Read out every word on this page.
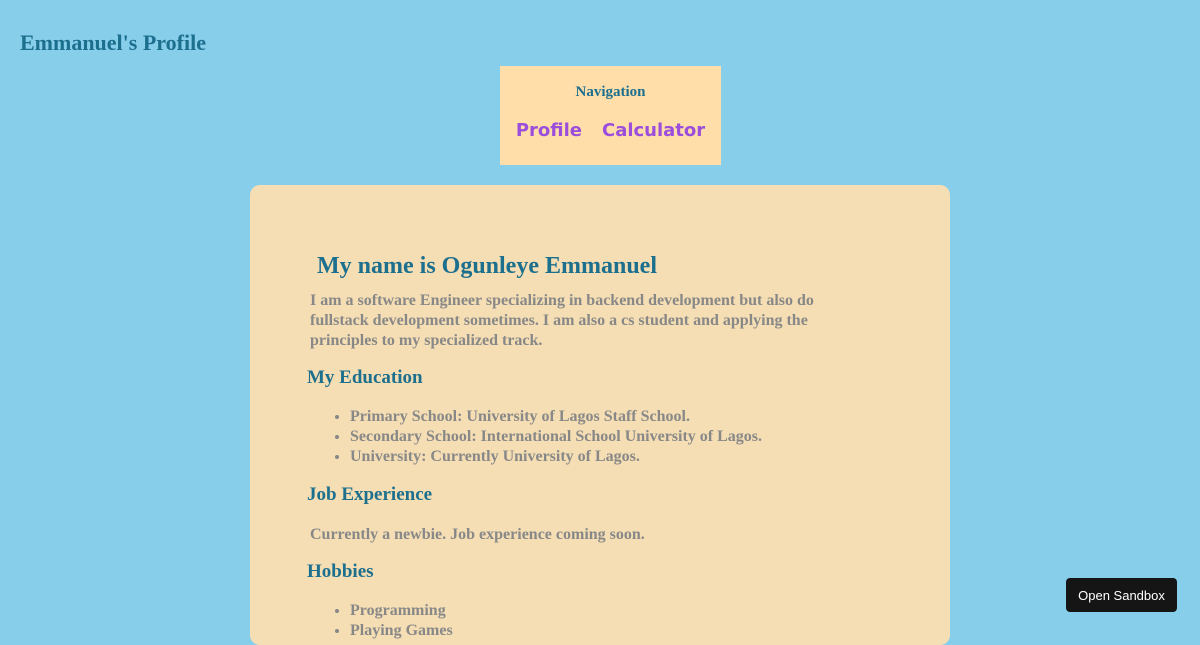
Emmanuel's Profile
Navigation
Profile Calculator
My name is Ogunleye Emmanuel

I am a software Engineer specializing in backend development but also do fullstack development sometimes. I am also a cs student and applying the principles to my specialized track.

My Education
• Primary School: University of Lagos Staff School.
• Secondary School: International School University of Lagos.
• University: Currently University of Lagos.
Job Experience

Currently a newbie. Job experience coming soon.

Hobbies
• Programming
• Playing Games
Open Sandbox
